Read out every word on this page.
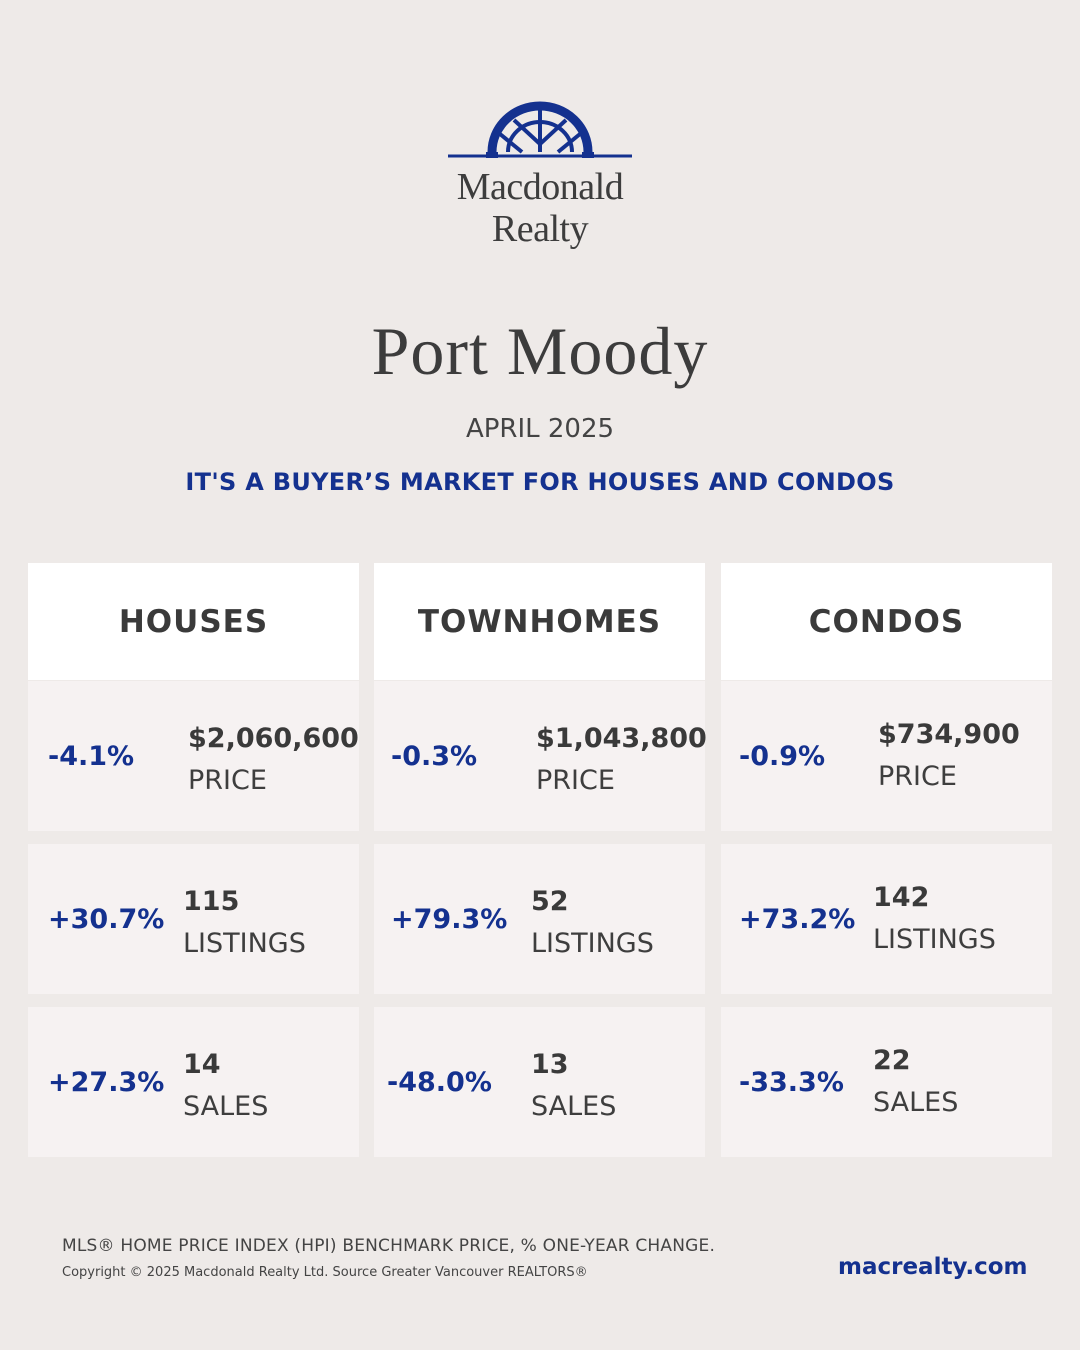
Macdonald
Realty
Port Moody
APRIL 2025
IT'S A BUYER’S MARKET FOR HOUSES AND CONDOS
HOUSES
-4.1%
$2,060,600
PRICE
+30.7%
115
LISTINGS
+27.3%
14
SALES
TOWNHOMES
-0.3%
$1,043,800
PRICE
+79.3%
52
LISTINGS
-48.0%
13
SALES
CONDOS
-0.9%
$734,900
PRICE
+73.2%
142
LISTINGS
-33.3%
22
SALES
MLS® HOME PRICE INDEX (HPI) BENCHMARK PRICE, % ONE-YEAR CHANGE.
Copyright © 2025 Macdonald Realty Ltd. Source Greater Vancouver REALTORS®	macrealty.com
